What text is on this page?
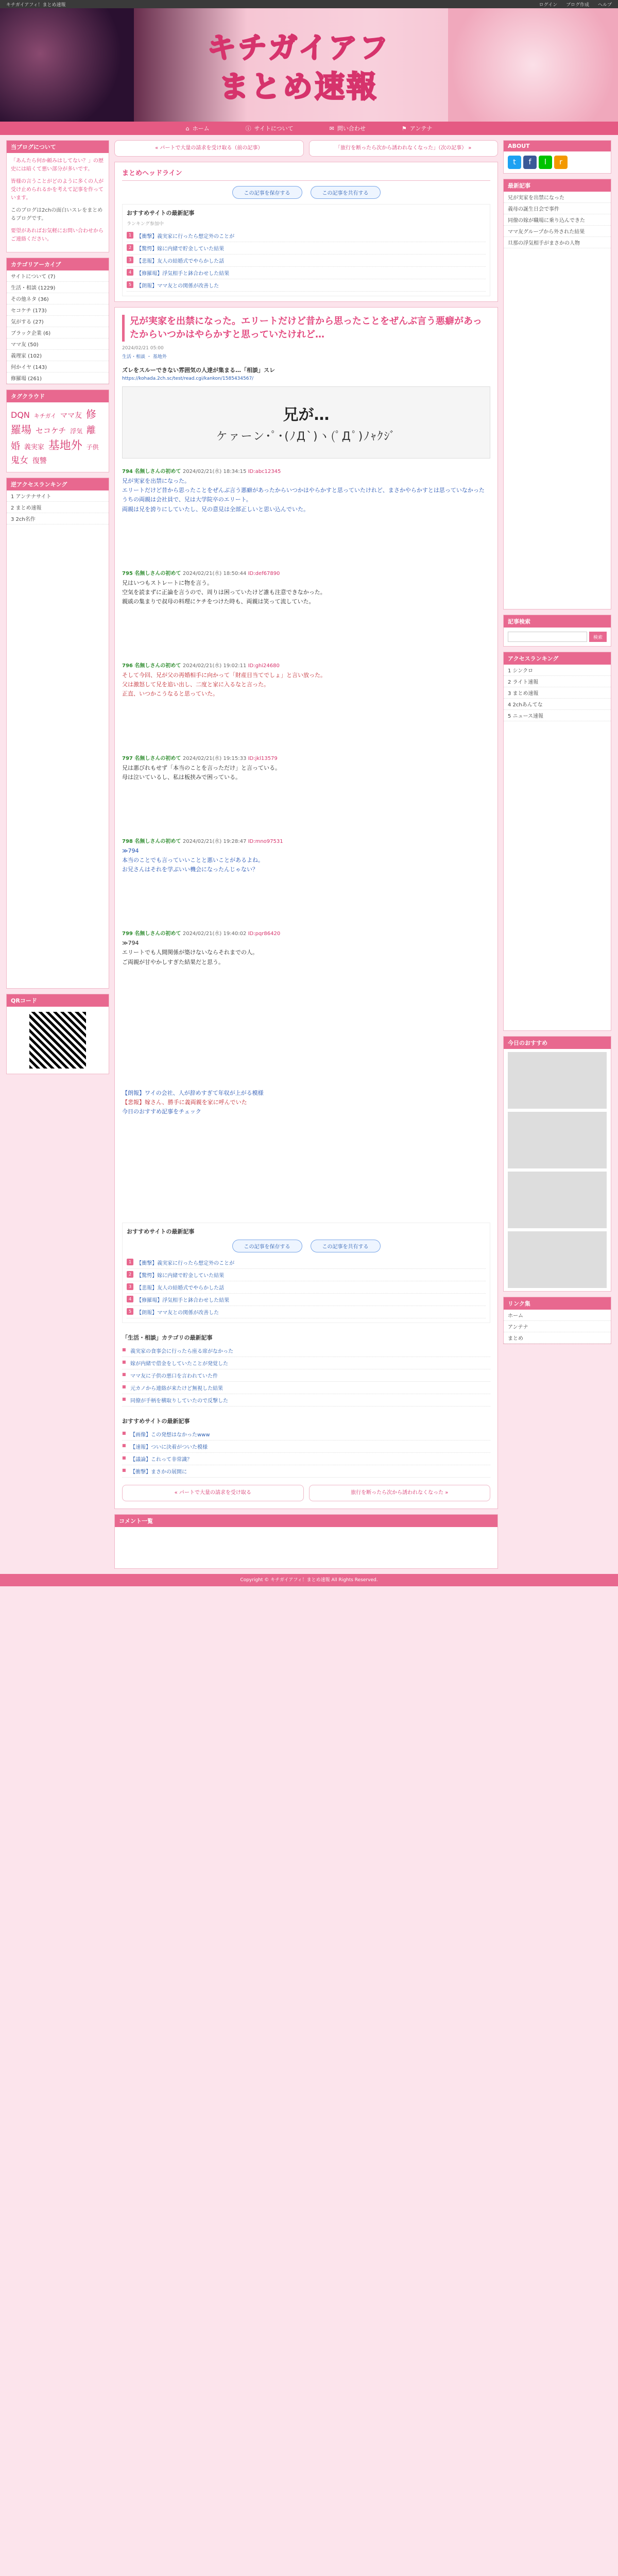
キチガイアフィ！まとめ速報	ログイン ブログ作成 ヘルプ
キチガイアフ
まとめ速報
⌂ ホーム	ⓘ サイトについて	✉ 問い合わせ	⚑ アンテナ
当ブログについて

「あんたら何か頼みはしてない？」の歴史には暗くて悪い部分が多いです。

皆様の言うことがどのように多くの人が受け止められるかを考えて記事を作っています。

このブログは2chの面白いスレをまとめるブログです。

要望があればお気軽にお問い合わせからご連絡ください。

カテゴリアーカイブ
サイトについて (7)
生活・相談 (1229)
その他ネタ (36)
セコケチ (173)
気がする (27)
ブラック企業 (6)
ママ友 (50)
義理家 (102)
何かイヤ (143)
修羅場 (261)
タグクラウド
DQN キチガイ ママ友 修羅場 セコケチ 浮気 離婚 義実家 基地外 子供 鬼女 復讐
逆アクセスランキング
1 アンテナサイト
2 まとめ速報
3 2ch名作
QRコード
« パートで大量の請求を受け取る（前の記事）	「旅行を断ったら次から誘われなくなった」（次の記事） »
まとめヘッドライン
この記事を保存する	この記事を共有する
おすすめサイトの最新記事
ランキング参加中
1	【衝撃】義実家に行ったら想定外のことが
2	【驚愕】嫁に内緒で貯金していた結果
3	【悲報】友人の結婚式でやらかした話
4	【修羅場】浮気相手と鉢合わせした結果
5	【朗報】ママ友との関係が改善した
兄が実家を出禁になった。エリートだけど昔から思ったことをぜんぶ言う悪癖があったからいつかはやらかすと思っていたけれど…
2024/02/21 05:00
生活・相談 ・ 基地外
ズレをスルーできない雰囲気の人達が集まる…「相談」スレ
https://kohada.2ch.sc/test/read.cgi/kankon/1585434567/
兄が…
ケァーン･ﾟ･(ﾉД`)ヽ(ﾟДﾟ)ﾉｬｸｼﾞ
794 名無しさんの初めて 2024/02/21(水) 18:34:15 ID:abc12345
兄が実家を出禁になった。
エリートだけど昔から思ったことをぜんぶ言う悪癖があったからいつかはやらかすと思っていたけれど、まさかやらかすとは思っていなかった
うちの両親は会社員で、兄は大学院卒のエリート。
両親は兄を誇りにしていたし、兄の意見は全部正しいと思い込んでいた。
795 名無しさんの初めて 2024/02/21(水) 18:50:44 ID:def67890
兄はいつもストレートに物を言う。
空気を読まずに正論を言うので、周りは困っていたけど誰も注意できなかった。
親戚の集まりで叔母の料理にケチをつけた時も、両親は笑って流していた。
796 名無しさんの初めて 2024/02/21(水) 19:02:11 ID:ghi24680
そして今回、兄が父の再婚相手に向かって「財産目当てでしょ」と言い放った。
父は激怒して兄を追い出し、二度と家に入るなと言った。
正直、いつかこうなると思っていた。
797 名無しさんの初めて 2024/02/21(水) 19:15:33 ID:jkl13579
兄は悪びれもせず「本当のことを言っただけ」と言っている。
母は泣いているし、私は板挟みで困っている。
798 名無しさんの初めて 2024/02/21(水) 19:28:47 ID:mno97531
≫794
本当のことでも言っていいことと悪いことがあるよね。
お兄さんはそれを学ぶいい機会になったんじゃない？
799 名無しさんの初めて 2024/02/21(水) 19:40:02 ID:pqr86420
≫794
エリートでも人間関係が築けないならそれまでの人。
ご両親が甘やかしすぎた結果だと思う。
【朗報】ワイの会社、人が辞めすぎて年収が上がる模様
【悲報】嫁さん、勝手に義両親を家に呼んでいた
今日のおすすめ記事をチェック
おすすめサイトの最新記事
この記事を保存する	この記事を共有する
1	【衝撃】義実家に行ったら想定外のことが
2	【驚愕】嫁に内緒で貯金していた結果
3	【悲報】友人の結婚式でやらかした話
4	【修羅場】浮気相手と鉢合わせした結果
5	【朗報】ママ友との関係が改善した
「生活・相談」カテゴリの最新記事
■ 義実家の食事会に行ったら座る席がなかった
■ 嫁が内緒で借金をしていたことが発覚した
■ ママ友に子供の悪口を言われていた件
■ 元カノから連絡が来たけど無視した結果
■ 同僚が手柄を横取りしていたので反撃した
おすすめサイトの最新記事
■ 【画像】この発想はなかったwww
■ 【速報】ついに決着がついた模様
■ 【議論】これって非常識？
■ 【衝撃】まさかの展開に
« パートで大量の請求を受け取る	旅行を断ったら次から誘われなくなった »
コメント一覧
ABOUT
t	f	l	r
最新記事
兄が実家を出禁になった
義母の誕生日会で事件
同僚の嫁が職場に乗り込んできた
ママ友グループから外された結果
旦那の浮気相手がまさかの人物
記事検索
検索
アクセスランキング
1 シンクロ
2 ライト速報
3 まとめ速報
4 2chあんてな
5 ニュース速報
今日のおすすめ
リンク集
ホーム
アンテナ
まとめ
Copyright © キチガイアフィ！まとめ速報 All Rights Reserved.
